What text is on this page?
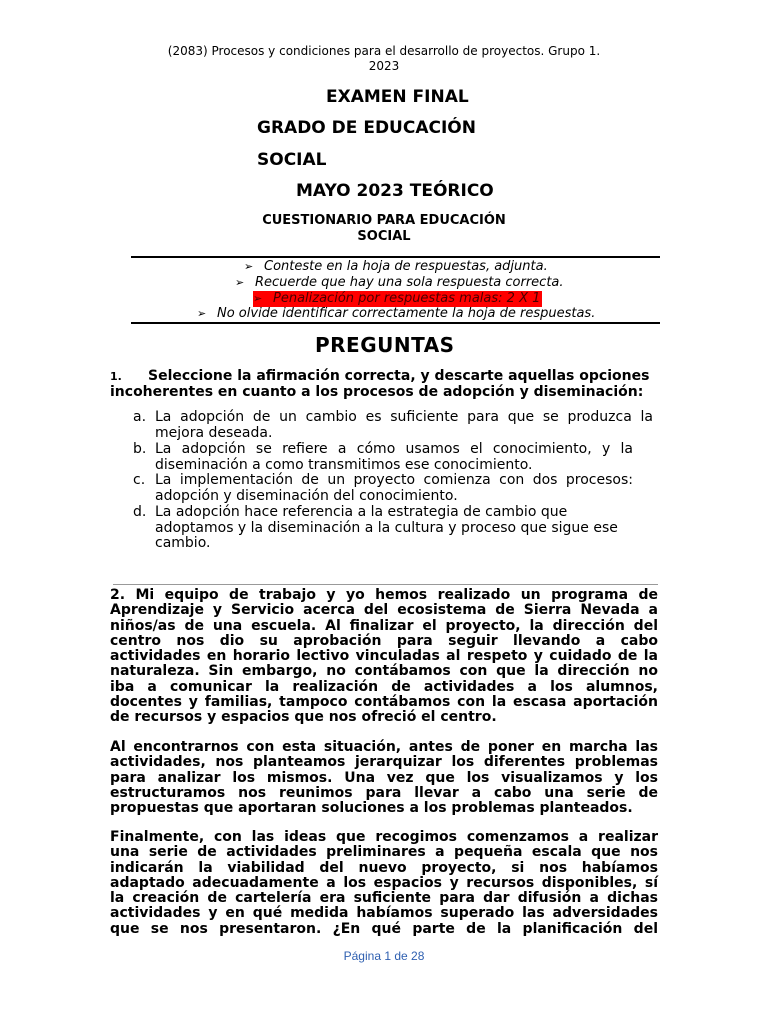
(2083) Procesos y condiciones para el desarrollo de proyectos. Grupo 1.
2023
EXAMEN FINAL
GRADO DE EDUCACIÓN
SOCIAL
MAYO 2023 TEÓRICO
CUESTIONARIO PARA EDUCACIÓN
SOCIAL
➢ Conteste en la hoja de respuestas, adjunta.
➢ Recuerde que hay una sola respuesta correcta.
➢ Penalización por respuestas malas: 2 X 1
➢ No olvide identificar correctamente la hoja de respuestas.
PREGUNTAS
1. Seleccione la afirmación correcta, y descarte aquellas opciones
incoherentes en cuanto a los procesos de adopción y diseminación:
a. La adopción de un cambio es suficiente para que se produzca la
mejora deseada.
b. La adopción se refiere a cómo usamos el conocimiento, y la
diseminación a como transmitimos ese conocimiento.
c. La implementación de un proyecto comienza con dos procesos:
adopción y diseminación del conocimiento.
d. La adopción hace referencia a la estrategia de cambio que
adoptamos y la diseminación a la cultura y proceso que sigue ese
cambio.
2. Mi equipo de trabajo y yo hemos realizado un programa de
Aprendizaje y Servicio acerca del ecosistema de Sierra Nevada a
niños/as de una escuela. Al finalizar el proyecto, la dirección del
centro nos dio su aprobación para seguir llevando a cabo
actividades en horario lectivo vinculadas al respeto y cuidado de la
naturaleza. Sin embargo, no contábamos con que la dirección no
iba a comunicar la realización de actividades a los alumnos,
docentes y familias, tampoco contábamos con la escasa aportación
de recursos y espacios que nos ofreció el centro.
Al encontrarnos con esta situación, antes de poner en marcha las
actividades, nos planteamos jerarquizar los diferentes problemas
para analizar los mismos. Una vez que los visualizamos y los
estructuramos nos reunimos para llevar a cabo una serie de
propuestas que aportaran soluciones a los problemas planteados.
Finalmente, con las ideas que recogimos comenzamos a realizar
una serie de actividades preliminares a pequeña escala que nos
indicarán la viabilidad del nuevo proyecto, si nos habíamos
adaptado adecuadamente a los espacios y recursos disponibles, sí
la creación de cartelería era suficiente para dar difusión a dichas
actividades y en qué medida habíamos superado las adversidades
que se nos presentaron. ¿En qué parte de la planificación del
Página 1 de 28
